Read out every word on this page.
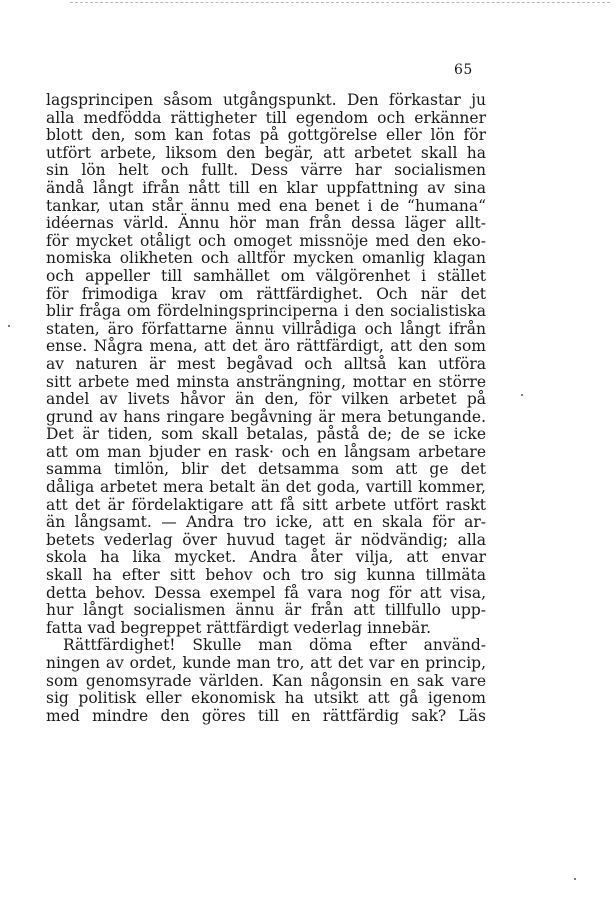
65
lagsprincipen såsom utgångspunkt. Den förkastar ju
alla medfödda rättigheter till egendom och erkänner
blott den, som kan fotas på gottgörelse eller lön för
utfört arbete, liksom den begär, att arbetet skall ha
sin lön helt och fullt. Dess värre har socialismen
ändå långt ifrån nått till en klar uppfattning av sina
tankar, utan står ännu med ena benet i de “humana“
idéernas värld. Ännu hör man från dessa läger allt-
för mycket otåligt och omoget missnöje med den eko-
nomiska olikheten och alltför mycken omanlig klagan
och appeller till samhället om välgörenhet i stället
för frimodiga krav om rättfärdighet. Och när det
blir fråga om fördelningsprinciperna i den socialistiska
staten, äro författarne ännu villrådiga och långt ifrån
ense. Några mena, att det äro rättfärdigt, att den som
av naturen är mest begåvad och alltså kan utföra
sitt arbete med minsta ansträngning, mottar en större
andel av livets håvor än den, för vilken arbetet på
grund av hans ringare begåvning är mera betungande.
Det är tiden, som skall betalas, påstå de; de se icke
att om man bjuder en rask· och en långsam arbetare
samma timlön, blir det detsamma som att ge det
dåliga arbetet mera betalt än det goda, vartill kommer,
att det är fördelaktigare att få sitt arbete utfört raskt
än långsamt. — Andra tro icke, att en skala för ar-
betets vederlag över huvud taget är nödvändig; alla
skola ha lika mycket. Andra åter vilja, att envar
skall ha efter sitt behov och tro sig kunna tillmäta
detta behov. Dessa exempel få vara nog för att visa,
hur långt socialismen ännu är från att tillfullo upp-
fatta vad begreppet rättfärdigt vederlag innebär.
Rättfärdighet! Skulle man döma efter använd-
ningen av ordet, kunde man tro, att det var en princip,
som genomsyrade världen. Kan någonsin en sak vare
sig politisk eller ekonomisk ha utsikt att gå igenom
med mindre den göres till en rättfärdig sak? Läs
